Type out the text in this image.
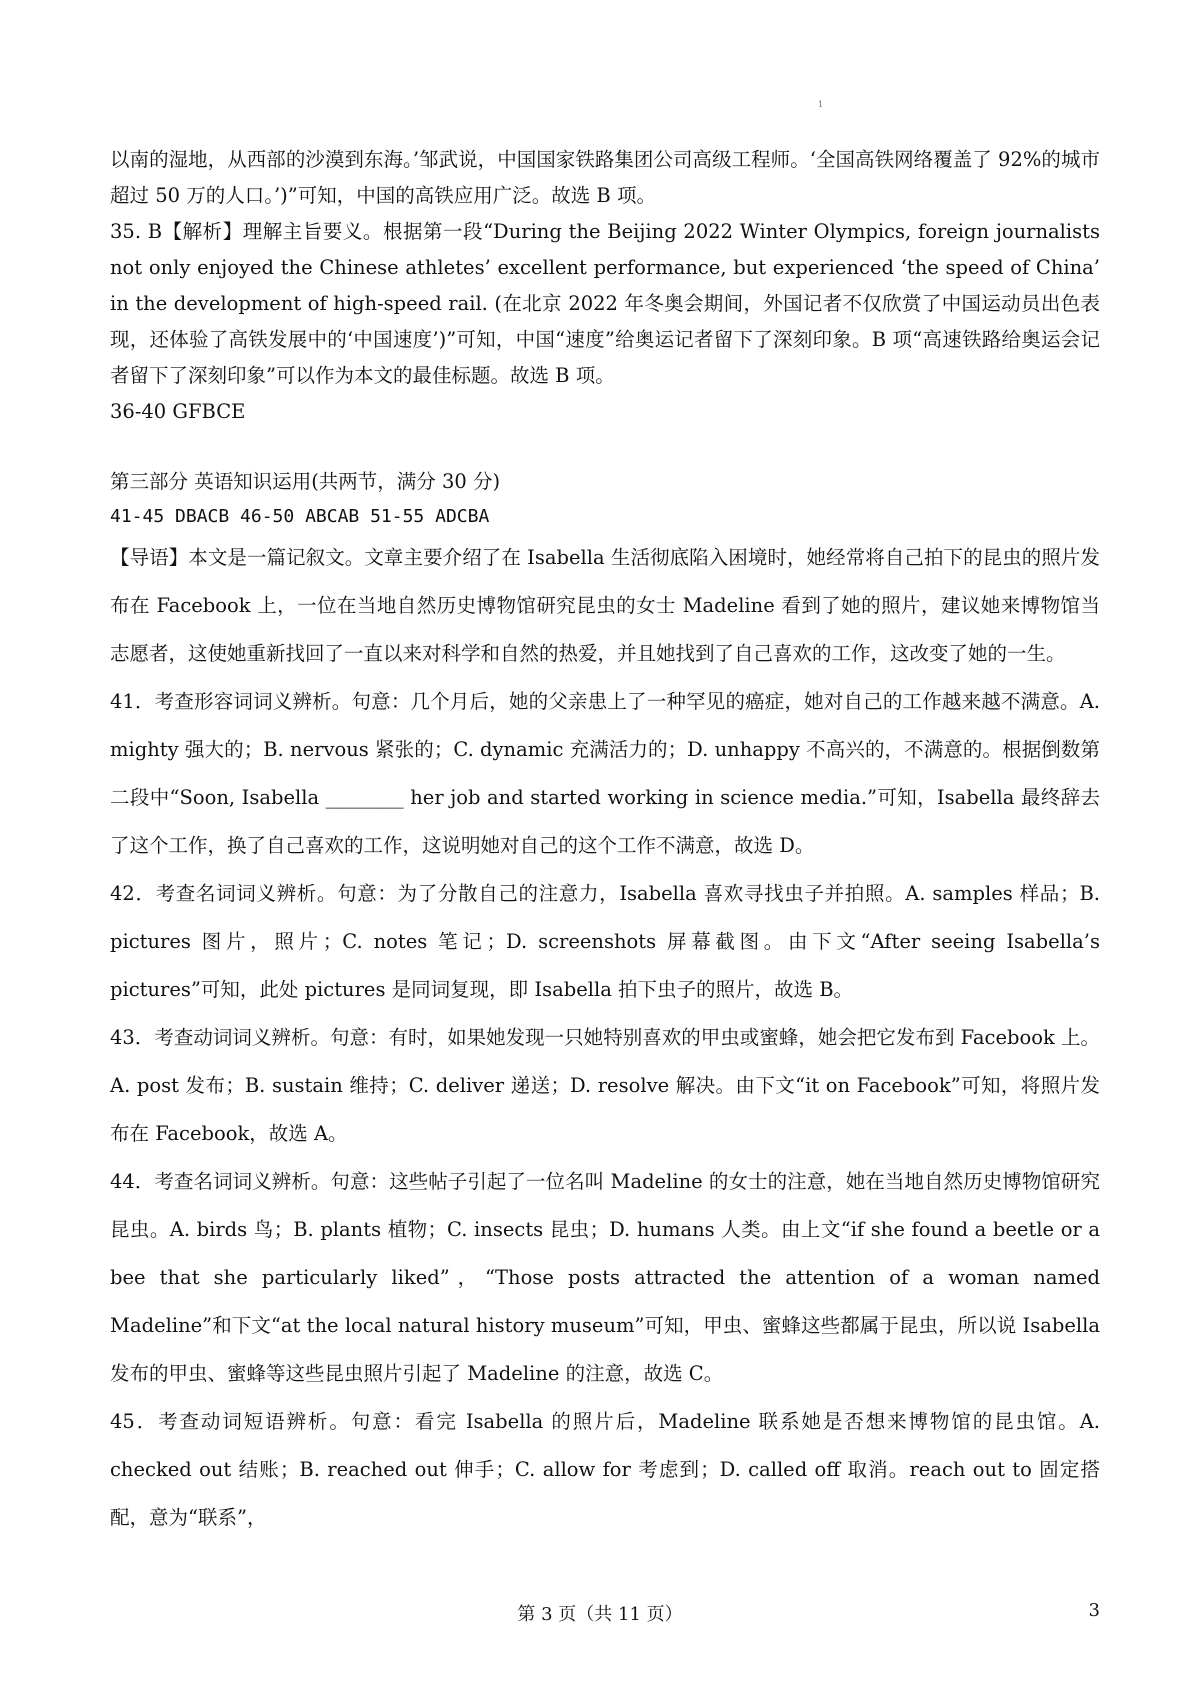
1

以南的湿地，从西部的沙漠到东海。’邹武说，中国国家铁路集团公司高级工程师。‘全国高铁网络覆盖了 92%的城市超过 50 万的人口。’)”可知，中国的高铁应用广泛。故选 B 项。

35. B【解析】理解主旨要义。根据第一段“During the Beijing 2022 Winter Olympics, foreign journalists not only enjoyed the Chinese athletes’ excellent performance, but experienced ‘the speed of China’ in the development of high-speed rail. (在北京 2022 年冬奥会期间，外国记者不仅欣赏了中国运动员出色表现，还体验了高铁发展中的‘中国速度’)”可知，中国“速度”给奥运记者留下了深刻印象。B 项“高速铁路给奥运会记者留下了深刻印象”可以作为本文的最佳标题。故选 B 项。

36-40 GFBCE

第三部分 英语知识运用(共两节，满分 30 分)

41-45 DBACB 46-50 ABCAB 51-55 ADCBA

【导语】本文是一篇记叙文。文章主要介绍了在 Isabella 生活彻底陷入困境时，她经常将自己拍下的昆虫的照片发布在 Facebook 上，一位在当地自然历史博物馆研究昆虫的女士 Madeline 看到了她的照片，建议她来博物馆当志愿者，这使她重新找回了一直以来对科学和自然的热爱，并且她找到了自己喜欢的工作，这改变了她的一生。

41．考查形容词词义辨析。句意：几个月后，她的父亲患上了一种罕见的癌症，她对自己的工作越来越不满意。A. mighty 强大的；B. nervous 紧张的；C. dynamic 充满活力的；D. unhappy 不高兴的，不满意的。根据倒数第二段中“Soon, Isabella ________ her job and started working in science media.”可知，Isabella 最终辞去了这个工作，换了自己喜欢的工作，这说明她对自己的这个工作不满意，故选 D。

42．考查名词词义辨析。句意：为了分散自己的注意力，Isabella 喜欢寻找虫子并拍照。A. samples 样品；B. pictures 图片，照片；C. notes 笔记；D. screenshots 屏幕截图。由下文“After seeing Isabella’s pictures”可知，此处 pictures 是同词复现，即 Isabella 拍下虫子的照片，故选 B。

43．考查动词词义辨析。句意：有时，如果她发现一只她特别喜欢的甲虫或蜜蜂，她会把它发布到 Facebook 上。A. post 发布；B. sustain 维持；C. deliver 递送；D. resolve 解决。由下文“it on Facebook”可知，将照片发布在 Facebook，故选 A。

44．考查名词词义辨析。句意：这些帖子引起了一位名叫 Madeline 的女士的注意，她在当地自然历史博物馆研究昆虫。A. birds 鸟；B. plants 植物；C. insects 昆虫；D. humans 人类。由上文“if she found a beetle or a bee that she particularly liked”，“Those posts attracted the attention of a woman named Madeline”和下文“at the local natural history museum”可知，甲虫、蜜蜂这些都属于昆虫，所以说 Isabella 发布的甲虫、蜜蜂等这些昆虫照片引起了 Madeline 的注意，故选 C。

45．考查动词短语辨析。句意：看完 Isabella 的照片后，Madeline 联系她是否想来博物馆的昆虫馆。A. checked out 结账；B. reached out 伸手；C. allow for 考虑到；D. called off 取消。reach out to 固定搭配，意为“联系”，

第 3 页（共 11 页）	3
